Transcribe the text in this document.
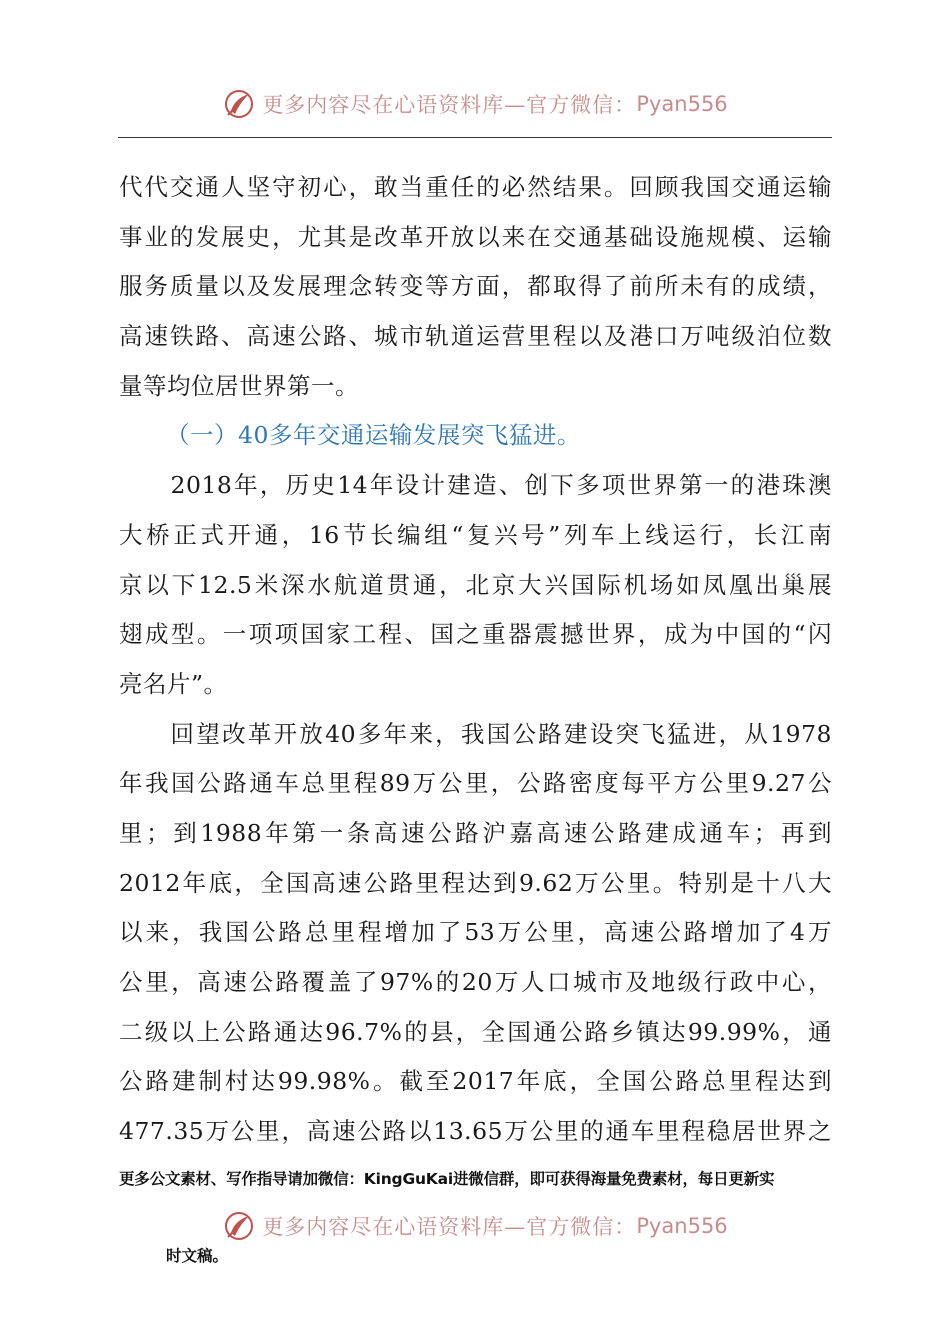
更多内容尽在心语资料库—官方微信： Pyan556
代代交通人坚守初心，敢当重任的必然结果。回顾我国交通运输
事业的发展史，尤其是改革开放以来在交通基础设施规模、运输
服务质量以及发展理念转变等方面，都取得了前所未有的成绩，
高速铁路、高速公路、城市轨道运营里程以及港口万吨级泊位数
量等均位居世界第一。
（一）40多年交通运输发展突飞猛进。
　　2018年，历史14年设计建造、创下多项世界第一的港珠澳
大桥正式开通，16节长编组“复兴号”列车上线运行，长江南
京以下12.5米深水航道贯通，北京大兴国际机场如凤凰出巢展
翅成型。一项项国家工程、国之重器震撼世界，成为中国的“闪
亮名片”。
　　回望改革开放40多年来，我国公路建设突飞猛进，从1978
年我国公路通车总里程89万公里，公路密度每平方公里9.27公
里；到1988年第一条高速公路沪嘉高速公路建成通车；再到
2012年底，全国高速公路里程达到9.62万公里。特别是十八大
以来，我国公路总里程增加了53万公里，高速公路增加了4万
公里，高速公路覆盖了97%的20万人口城市及地级行政中心，
二级以上公路通达96.7%的县，全国通公路乡镇达99.99%，通
公路建制村达99.98%。截至2017年底，全国公路总里程达到
477.35万公里，高速公路以13.65万公里的通车里程稳居世界之
更多公文素材、写作指导请加微信：KingGuKai进微信群，即可获得海量免费素材，每日更新实
更多内容尽在心语资料库—官方微信： Pyan556
时文稿。
